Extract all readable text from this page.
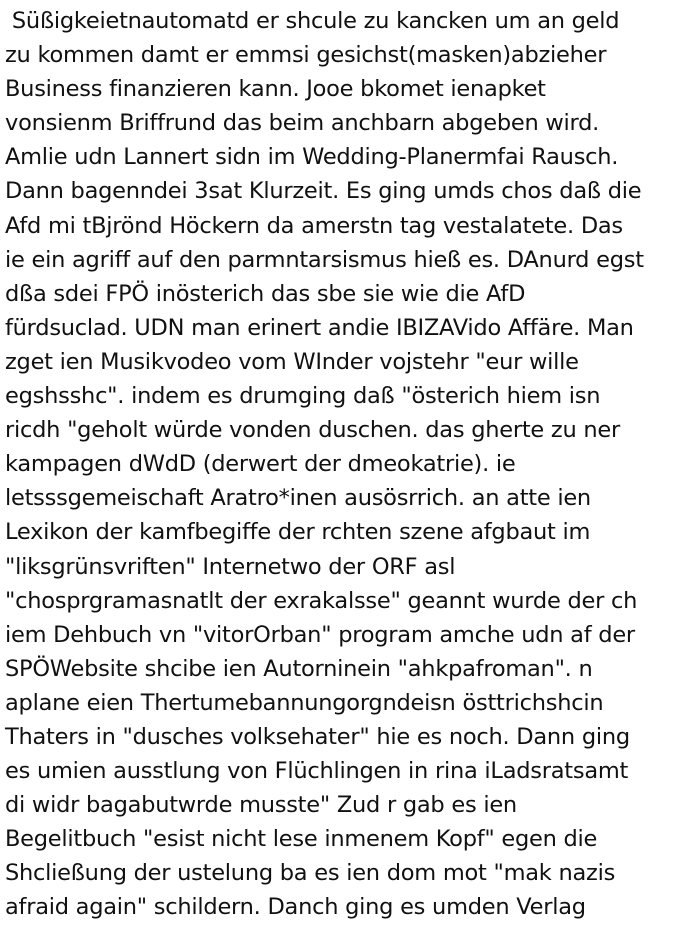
Süßigkeietnautomatd er shcule zu kancken um an geld
zu kommen damt er emmsi gesichst(masken)abzieher
Business finanzieren kann. Jooe bkomet ienapket
vonsienm Briffrund das beim anchbarn abgeben wird.
Amlie udn Lannert sidn im Wedding-Planermfai Rausch.
Dann bagenndei 3sat Klurzeit. Es ging umds chos daß die
Afd mi tBjrönd Höckern da amerstn tag vestalatete. Das
ie ein agriff auf den parmntarsismus hieß es. DAnurd egst
dßa sdei FPÖ inösterich das sbe sie wie die AfD
fürdsuclad. UDN man erinert andie IBIZAVido Affäre. Man
zget ien Musikvodeo vom WInder vojstehr "eur wille
egshsshc". indem es drumging daß "österich hiem isn
ricdh "geholt würde vonden duschen. das gherte zu ner
kampagen dWdD (derwert der dmeokatrie). ie
letsssgemeischaft Aratro*inen ausösrrich. an atte ien
Lexikon der kamfbegiffe der rchten szene afgbaut im
"liksgrünsvriften" Internetwo der ORF asl
"chosprgramasnatlt der exrakalsse" geannt wurde der ch
iem Dehbuch vn "vitorOrban" program amche udn af der
SPÖWebsite shcibe ien Autorninein "ahkpafroman". n
aplane eien Thertumebannungorgndeisn östtrichshcin
Thaters in "dusches volksehater" hie es noch. Dann ging
es umien ausstlung von Flüchlingen in rina iLadsratsamt
di widr bagabutwrde musste" Zud r gab es ien
Begelitbuch "esist nicht lese inmenem Kopf" egen die
Shcließung der ustelung ba es ien dom mot "mak nazis
afraid again" schildern. Danch ging es umden Verlag
